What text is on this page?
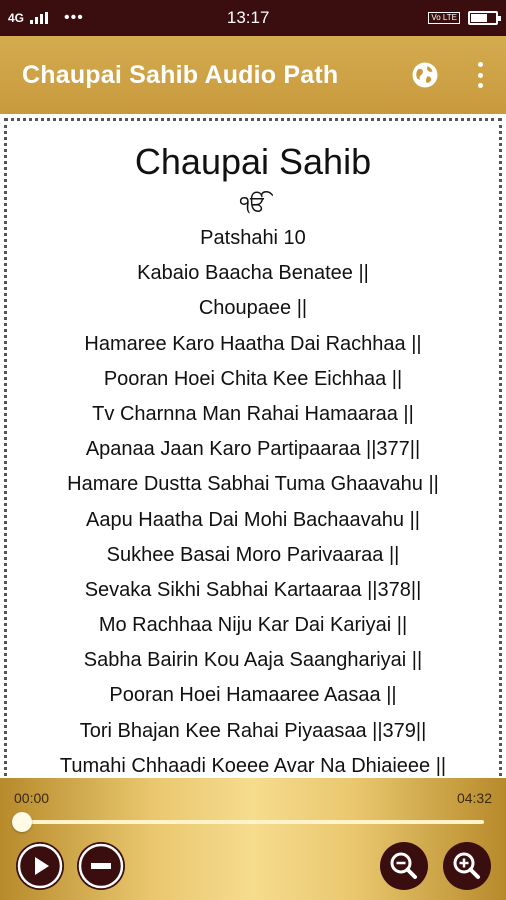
4G	•••	13:17	Vo LTE
Chaupai Sahib Audio Path
Chaupai Sahib
ੴ
Patshahi 10
Kabaio Baacha Benatee ||
Choupaee ||
Hamaree Karo Haatha Dai Rachhaa ||
Pooran Hoei Chita Kee Eichhaa ||
Tv Charnna Man Rahai Hamaaraa ||
Apanaa Jaan Karo Partipaaraa ||377||
Hamare Dustta Sabhai Tuma Ghaavahu ||
Aapu Haatha Dai Mohi Bachaavahu ||
Sukhee Basai Moro Parivaaraa ||
Sevaka Sikhi Sabhai Kartaaraa ||378||
Mo Rachhaa Niju Kar Dai Kariyai ||
Sabha Bairin Kou Aaja Saanghariyai ||
Pooran Hoei Hamaaree Aasaa ||
Tori Bhajan Kee Rahai Piyaasaa ||379||
Tumahi Chhaadi Koeee Avar Na Dhiaieee ||
00:00	04:32
